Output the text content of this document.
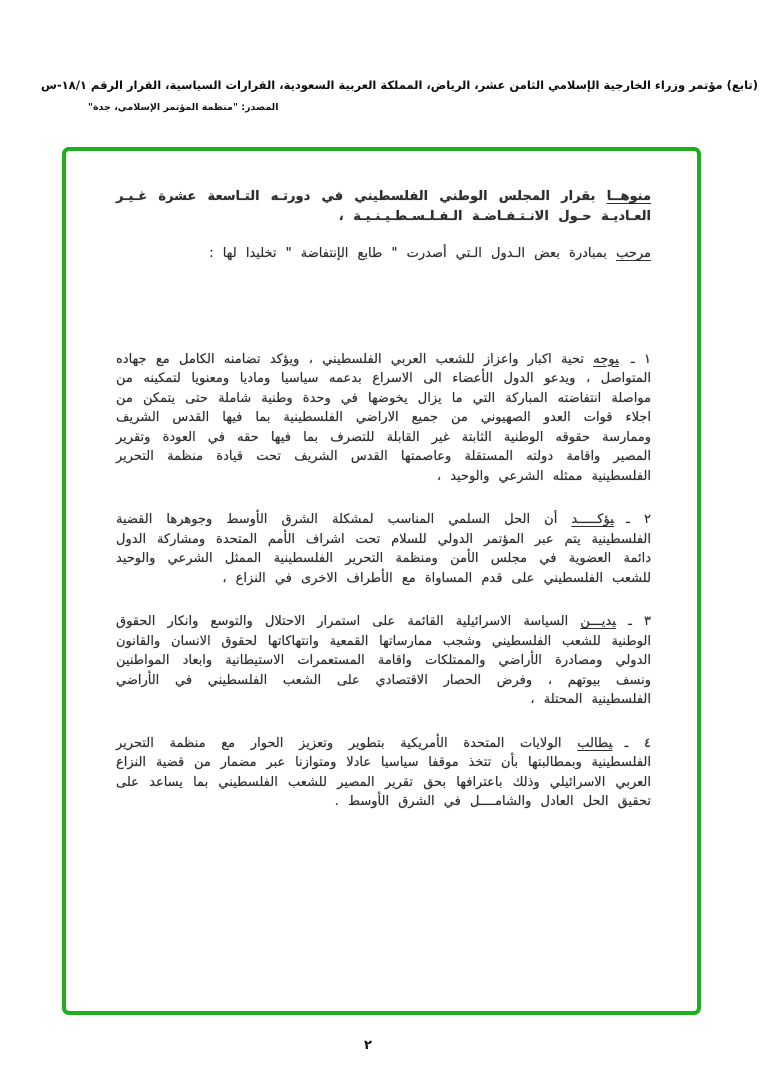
(تابع) مؤتمر وزراء الخارجية الإسلامي الثامن عشر، الرياض، المملكة العربية السعودية، القرارات السياسية، القرار الرقم ١٨/١-س
المصدر: "منظمة المؤتمر الإسلامي، جدة"

منوهــا بقرار المجلس الوطني الفلسطيني في دورتـه التـاسعة عشرة غـيـر العـاديـة حـول الانـتـفـاضـة الـفـلـسـطـيـنـيـة ،

مرحب بمبادرة بعض الـدول الـتي أصدرت " طابع الإنتفاضة " تخليدا لها :

١ ـيوجه تحية اكبار واعزاز للشعب العربي الفلسطيني ، ويؤكد تضامنه الكامل مع جهاده المتواصل ، ويدعو الدول الأعضاء الى الاسراع بدعمه سياسيا وماديا ومعنويا لتمكينه من مواصلة انتفاضته المباركة التي ما يزال يخوضها في وحدة وطنية شاملة حتى يتمكن من اجلاء قوات العدو الصهيوني من جميع الاراضي الفلسطينية بما فيها القدس الشريف وممارسة حقوقه الوطنية الثابتة غير القابلة للتصرف بما فيها حقه في العودة وتقرير المصير واقامة دولته المستقلة وعاصمتها القدس الشريف تحت قيادة منظمة التحرير الفلسطينية ممثله الشرعي والوحيد ،

٢ ـيؤكـــــد أن الحل السلمي المناسب لمشكلة الشرق الأوسط وجوهرها القضية الفلسطينية يتم عبر المؤتمر الدولي للسلام تحت اشراف الأمم المتحدة ومشاركة الدول دائمة العضوية في مجلس الأمن ومنظمة التحرير الفلسطينية الممثل الشرعي والوحيد للشعب الفلسطيني على قدم المساواة مع الأطراف الاخرى في النزاع ،

٣ ـيديـــن السياسة الاسرائيلية القائمة على استمرار الاحتلال والتوسع وانكار الحقوق الوطنية للشعب الفلسطيني وشجب ممارساتها القمعية وانتهاكاتها لحقوق الانسان والقانون الدولي ومصادرة الأراضي والممتلكات واقامة المستعمرات الاستيطانية وابعاد المواطنين ونسف بيوتهم ، وفرض الحصار الاقتصادي على الشعب الفلسطيني في الأراضي الفلسطينية المحتلة ،

٤ ـيطالب الولايات المتحدة الأمريكية بتطوير وتعزيز الحوار مع منظمة التحرير الفلسطينية وبمطالبتها بأن تتخذ موقفا سياسيا عادلا ومتوازنا عبر مضمار من قضية النزاع العربي الاسرائيلي وذلك باعترافها بحق تقرير المصير للشعب الفلسطيني بما يساعد على تحقيق الحل العادل والشامــــل في الشرق الأوسط .

٢
